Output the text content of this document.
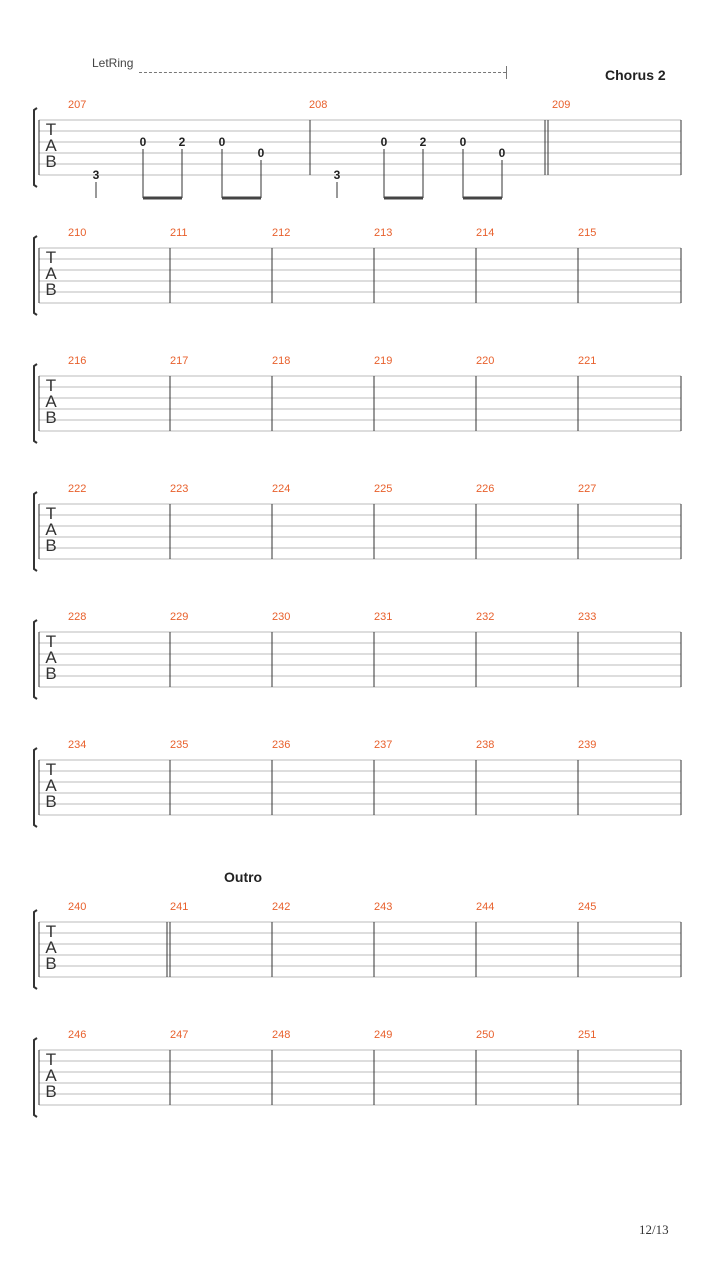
LetRing
Chorus 2
Outro
T
A
B
207	208	209
T
A
B
210	211	212	213	214	215
T
A
B
216	217	218	219	220	221
T
A
B
222	223	224	225	226	227
T
A
B
228	229	230	231	232	233
T
A
B
234	235	236	237	238	239
T
A
B
240	241	242	243	244	245
T
A
B
246	247	248	249	250	251
3
0	2	0
0
3
0	2	0
0
12/13
